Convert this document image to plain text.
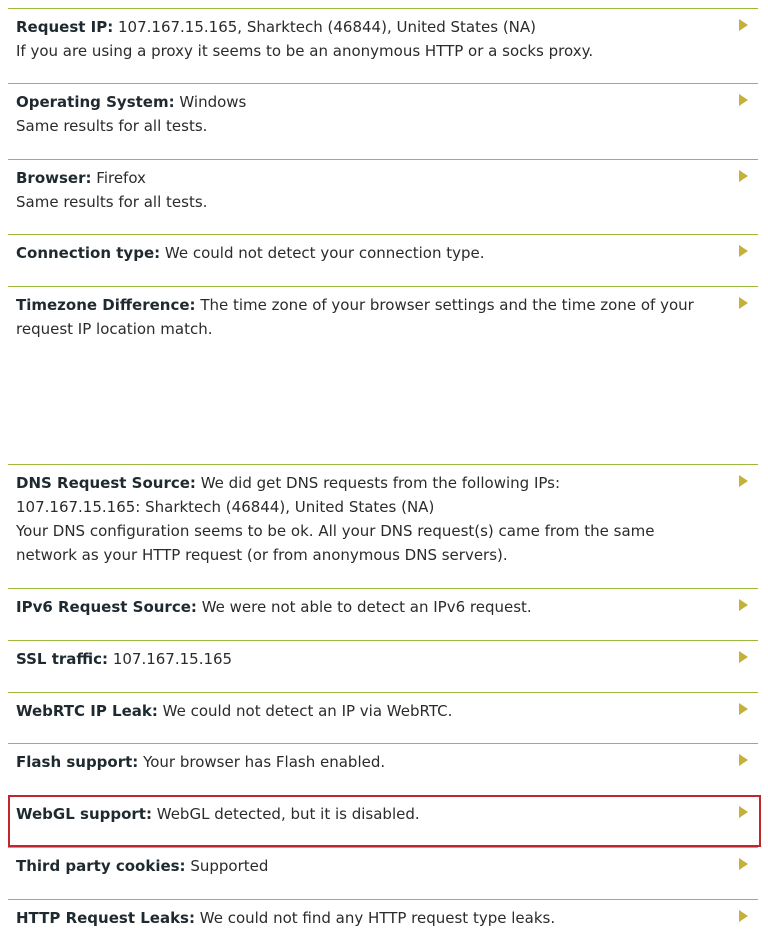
Request IP: 107.167.15.165, Sharktech (46844), United States (NA)
If you are using a proxy it seems to be an anonymous HTTP or a socks proxy.
Operating System: Windows
Same results for all tests.
Browser: Firefox
Same results for all tests.
Connection type: We could not detect your connection type.
Timezone Difference: The time zone of your browser settings and the time zone of your request IP location match.
DNS Request Source: We did get DNS requests from the following IPs:
107.167.15.165: Sharktech (46844), United States (NA)
Your DNS configuration seems to be ok. All your DNS request(s) came from the same network as your HTTP request (or from anonymous DNS servers).
IPv6 Request Source: We were not able to detect an IPv6 request.
SSL traffic: 107.167.15.165
WebRTC IP Leak: We could not detect an IP via WebRTC.
Flash support: Your browser has Flash enabled.
WebGL support: WebGL detected, but it is disabled.
Third party cookies: Supported
HTTP Request Leaks: We could not find any HTTP request type leaks.
